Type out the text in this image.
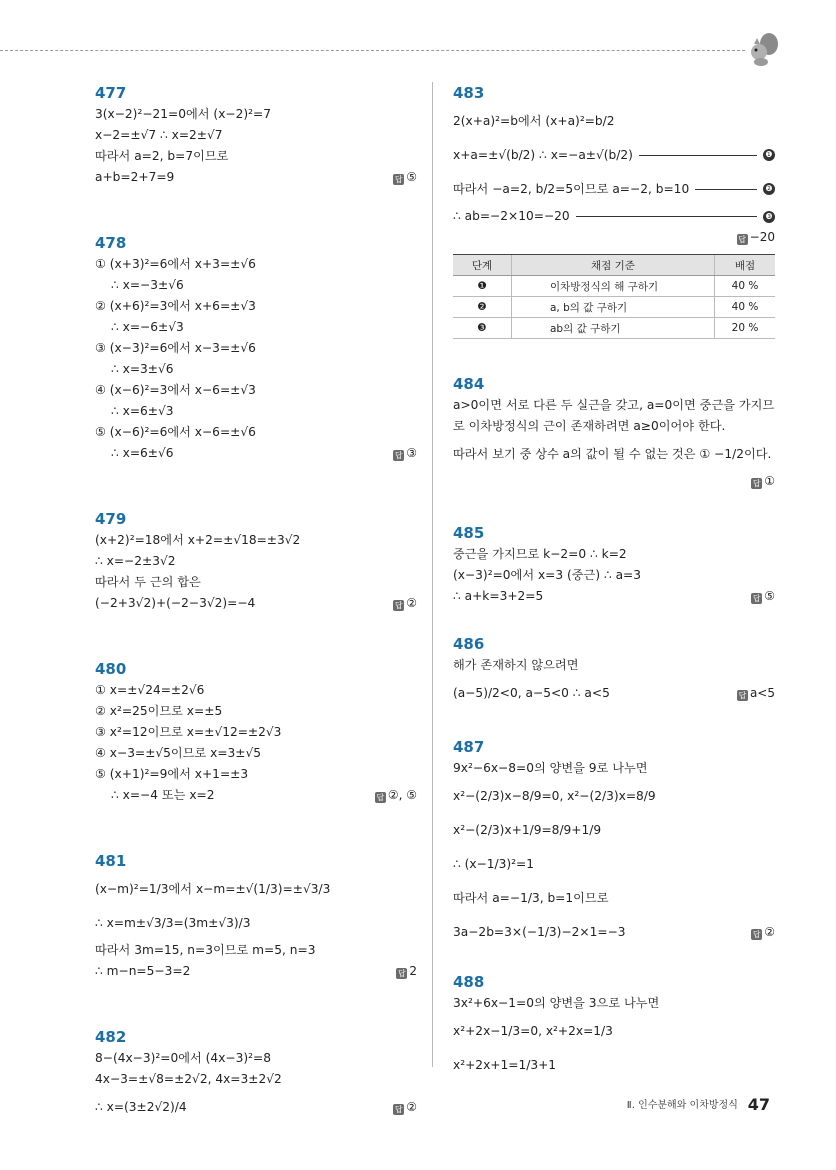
477
3(x−2)²−21=0에서 (x−2)²=7
x−2=±√7 ∴ x=2±√7
따라서 a=2, b=7이므로
a+b=2+7=9	답 ⑤
478
① (x+3)²=6에서 x+3=±√6
∴ x=−3±√6
② (x+6)²=3에서 x+6=±√3
∴ x=−6±√3
③ (x−3)²=6에서 x−3=±√6
∴ x=3±√6
④ (x−6)²=3에서 x−6=±√3
∴ x=6±√3
⑤ (x−6)²=6에서 x−6=±√6
∴ x=6±√6	답 ③
479
(x+2)²=18에서 x+2=±√18=±3√2
∴ x=−2±3√2
따라서 두 근의 합은
(−2+3√2)+(−2−3√2)=−4	답 ②
480
① x=±√24=±2√6
② x²=25이므로 x=±5
③ x²=12이므로 x=±√12=±2√3
④ x−3=±√5이므로 x=3±√5
⑤ (x+1)²=9에서 x+1=±3
∴ x=−4 또는 x=2	답 ②, ⑤
481
(x−m)²=1/3에서 x−m=±√(1/3)=±√3/3
∴ x=m±√3/3=(3m±√3)/3
따라서 3m=15, n=3이므로 m=5, n=3
∴ m−n=5−3=2	답 2
482
8−(4x−3)²=0에서 (4x−3)²=8
4x−3=±√8=±2√2, 4x=3±2√2
∴ x=(3±2√2)/4	답 ②
483
2(x+a)²=b에서 (x+a)²=b/2
x+a=±√(b/2) ∴ x=−a±√(b/2)	❶
따라서 −a=2, b/2=5이므로 a=−2, b=10	❷
∴ ab=−2×10=−20	❸
답 −20
단계	채점 기준	배점
❶	이차방정식의 해 구하기	40 %
❷	a, b의 값 구하기	40 %
❸	ab의 값 구하기	20 %
484
a>0이면 서로 다른 두 실근을 갖고, a=0이면 중근을 가지므
로 이차방정식의 근이 존재하려면 a≥0이어야 한다.
따라서 보기 중 상수 a의 값이 될 수 없는 것은 ① −1/2이다.
답 ①
485
중근을 가지므로 k−2=0 ∴ k=2
(x−3)²=0에서 x=3 (중근) ∴ a=3
∴ a+k=3+2=5	답 ⑤
486
해가 존재하지 않으려면
(a−5)/2<0, a−5<0 ∴ a<5	답 a<5
487
9x²−6x−8=0의 양변을 9로 나누면
x²−(2/3)x−8/9=0, x²−(2/3)x=8/9
x²−(2/3)x+1/9=8/9+1/9
∴ (x−1/3)²=1
따라서 a=−1/3, b=1이므로
3a−2b=3×(−1/3)−2×1=−3	답 ②
488
3x²+6x−1=0의 양변을 3으로 나누면
x²+2x−1/3=0, x²+2x=1/3
x²+2x+1=1/3+1
Ⅱ. 인수분해와 이차방정식 47
